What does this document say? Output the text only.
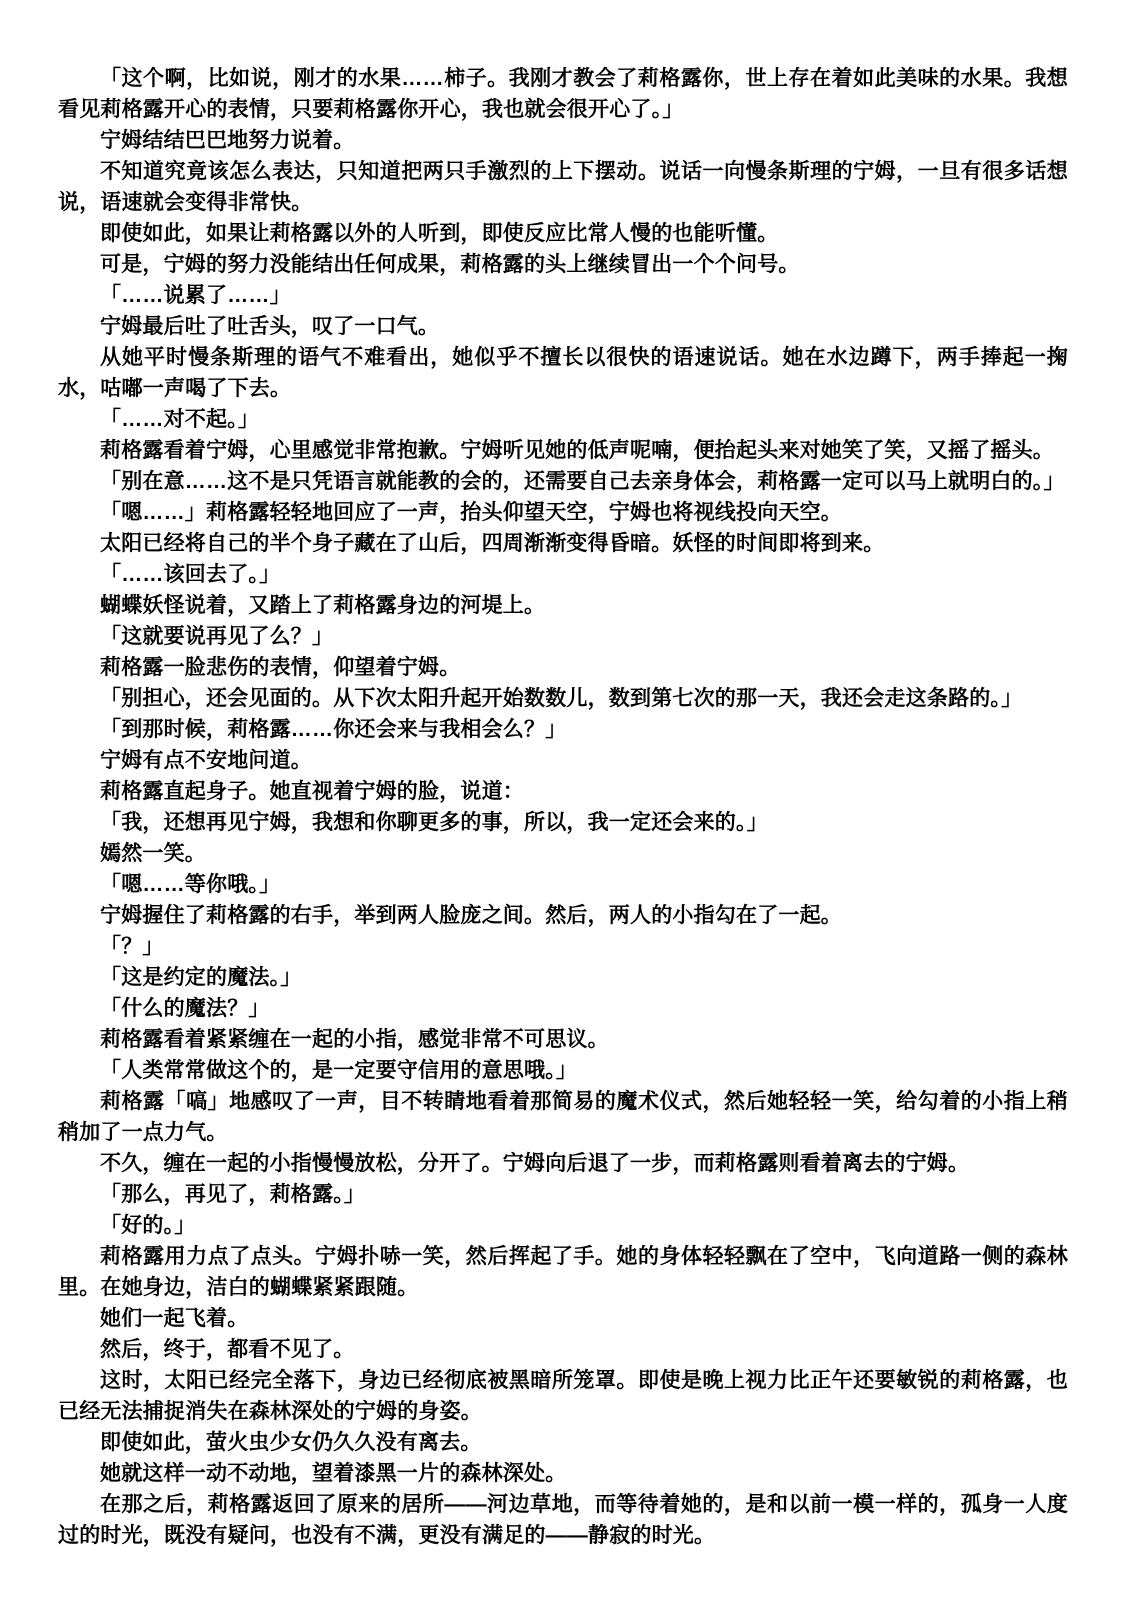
「这个啊，比如说，刚才的水果……柿子。我刚才教会了莉格露你，世上存在着如此美味的水果。我想看见莉格露开心的表情，只要莉格露你开心，我也就会很开心了。」

宁姆结结巴巴地努力说着。

不知道究竟该怎么表达，只知道把两只手激烈的上下摆动。说话一向慢条斯理的宁姆，一旦有很多话想说，语速就会变得非常快。

即使如此，如果让莉格露以外的人听到，即使反应比常人慢的也能听懂。

可是，宁姆的努力没能结出任何成果，莉格露的头上继续冒出一个个问号。

「……说累了……」

宁姆最后吐了吐舌头，叹了一口气。

从她平时慢条斯理的语气不难看出，她似乎不擅长以很快的语速说话。她在水边蹲下，两手捧起一掬水，咕嘟一声喝了下去。

「……对不起。」

莉格露看着宁姆，心里感觉非常抱歉。宁姆听见她的低声呢喃，便抬起头来对她笑了笑，又摇了摇头。

「别在意……这不是只凭语言就能教的会的，还需要自己去亲身体会，莉格露一定可以马上就明白的。」

「嗯……」莉格露轻轻地回应了一声，抬头仰望天空，宁姆也将视线投向天空。

太阳已经将自己的半个身子藏在了山后，四周渐渐变得昏暗。妖怪的时间即将到来。

「……该回去了。」

蝴蝶妖怪说着，又踏上了莉格露身边的河堤上。

「这就要说再见了么？」

莉格露一脸悲伤的表情，仰望着宁姆。

「别担心，还会见面的。从下次太阳升起开始数数儿，数到第七次的那一天，我还会走这条路的。」

「到那时候，莉格露……你还会来与我相会么？」

宁姆有点不安地问道。

莉格露直起身子。她直视着宁姆的脸，说道：

「我，还想再见宁姆，我想和你聊更多的事，所以，我一定还会来的。」

嫣然一笑。

「嗯……等你哦。」

宁姆握住了莉格露的右手，举到两人脸庞之间。然后，两人的小指勾在了一起。

「？」

「这是约定的魔法。」

「什么的魔法？」

莉格露看着紧紧缠在一起的小指，感觉非常不可思议。

「人类常常做这个的，是一定要守信用的意思哦。」

莉格露「嗃」地感叹了一声，目不转睛地看着那简易的魔术仪式，然后她轻轻一笑，给勾着的小指上稍稍加了一点力气。

不久，缠在一起的小指慢慢放松，分开了。宁姆向后退了一步，而莉格露则看着离去的宁姆。

「那么，再见了，莉格露。」

「好的。」

莉格露用力点了点头。宁姆扑哧一笑，然后挥起了手。她的身体轻轻飘在了空中，飞向道路一侧的森林里。在她身边，洁白的蝴蝶紧紧跟随。

她们一起飞着。

然后，终于，都看不见了。

这时，太阳已经完全落下，身边已经彻底被黑暗所笼罩。即使是晚上视力比正午还要敏锐的莉格露，也已经无法捕捉消失在森林深处的宁姆的身姿。

即使如此，萤火虫少女仍久久没有离去。

她就这样一动不动地，望着漆黑一片的森林深处。

在那之后，莉格露返回了原来的居所——河边草地，而等待着她的，是和以前一模一样的，孤身一人度过的时光，既没有疑问，也没有不满，更没有满足的——静寂的时光。
